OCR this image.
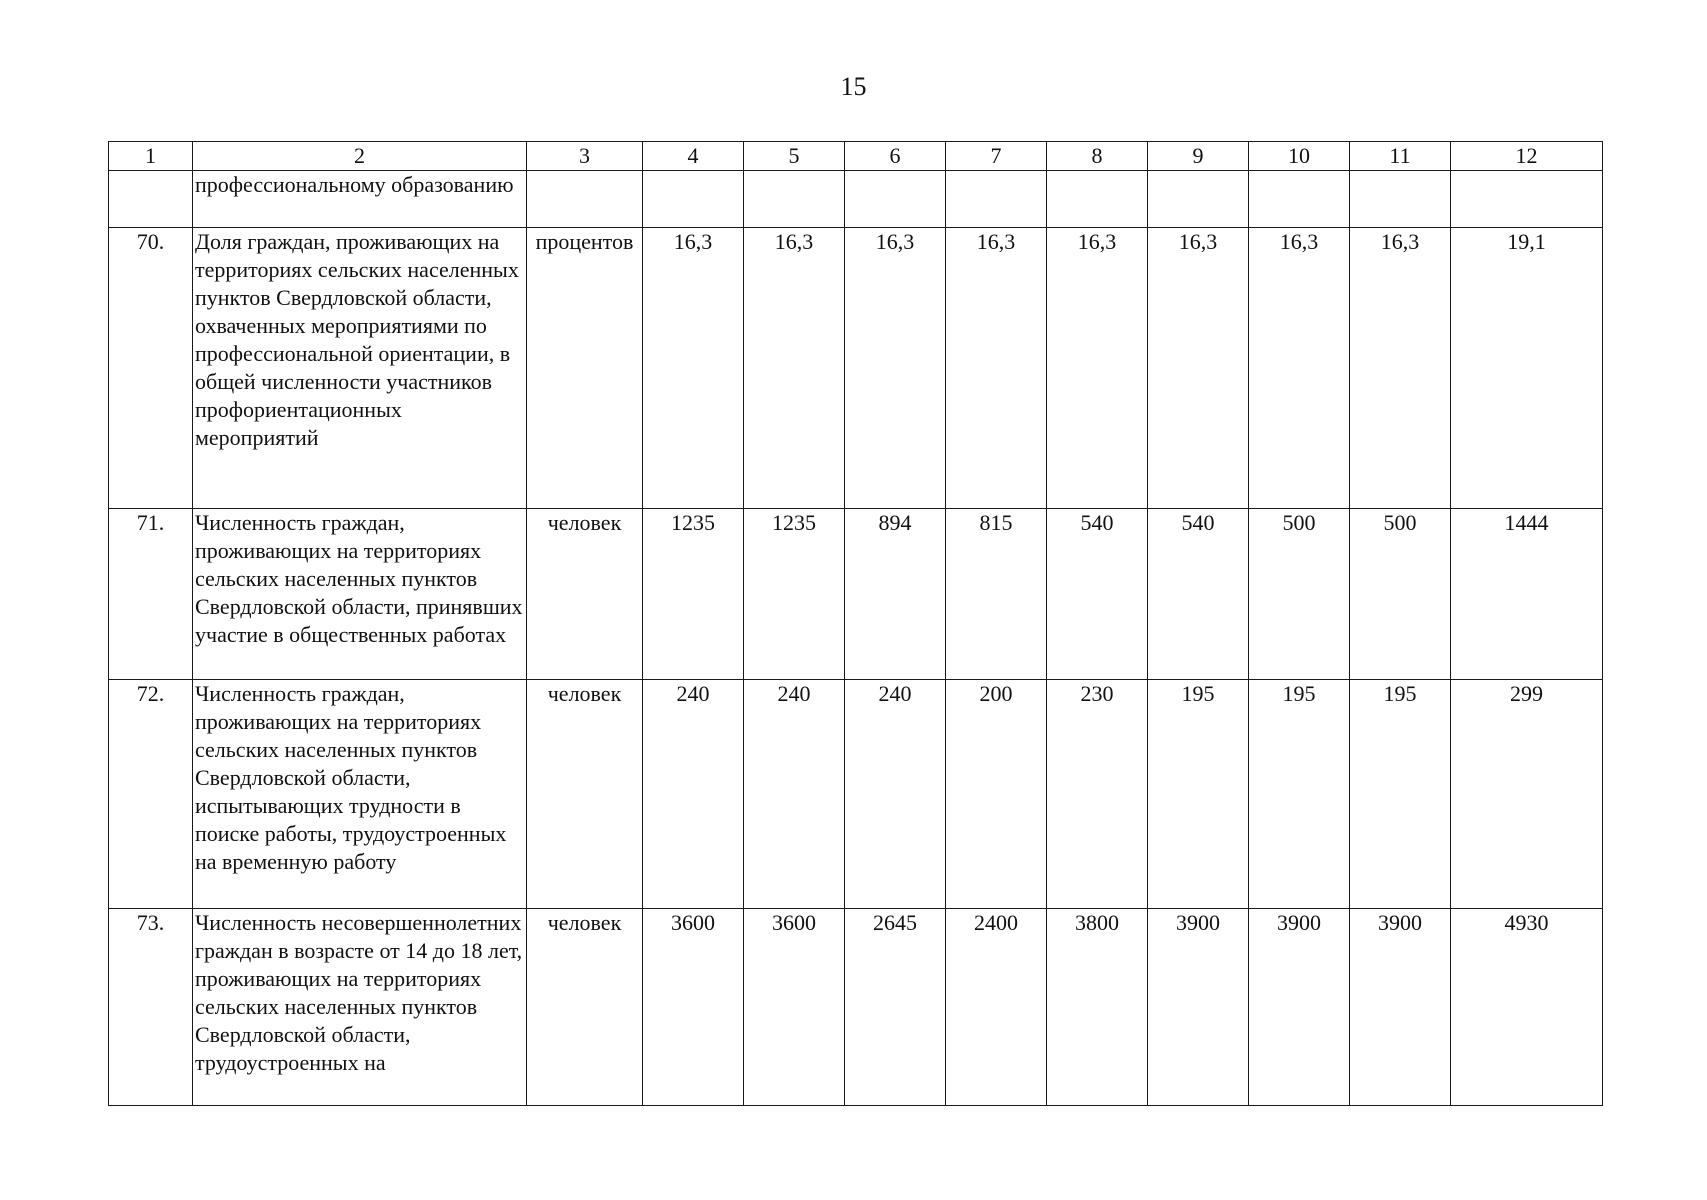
15
1	2	3	4	5	6	7	8	9	10	11	12
	профессиональному образованию										
70.	Доля граждан, проживающих на территориях сельских населенных пунктов Свердловской области, охваченных мероприятиями по профессиональной ориентации, в общей численности участников профориентационных мероприятий	процентов	16,3	16,3	16,3	16,3	16,3	16,3	16,3	16,3	19,1
71.	Численность граждан, проживающих на территориях сельских населенных пунктов Свердловской области, принявших участие в общественных работах	человек	1235	1235	894	815	540	540	500	500	1444
72.	Численность граждан, проживающих на территориях сельских населенных пунктов Свердловской области, испытывающих трудности в поиске работы, трудоустроенных на временную работу	человек	240	240	240	200	230	195	195	195	299
73.	Численность несовершеннолетних граждан в возрасте от 14 до 18 лет, проживающих на территориях сельских населенных пунктов Свердловской области, трудоустроенных на	человек	3600	3600	2645	2400	3800	3900	3900	3900	4930
